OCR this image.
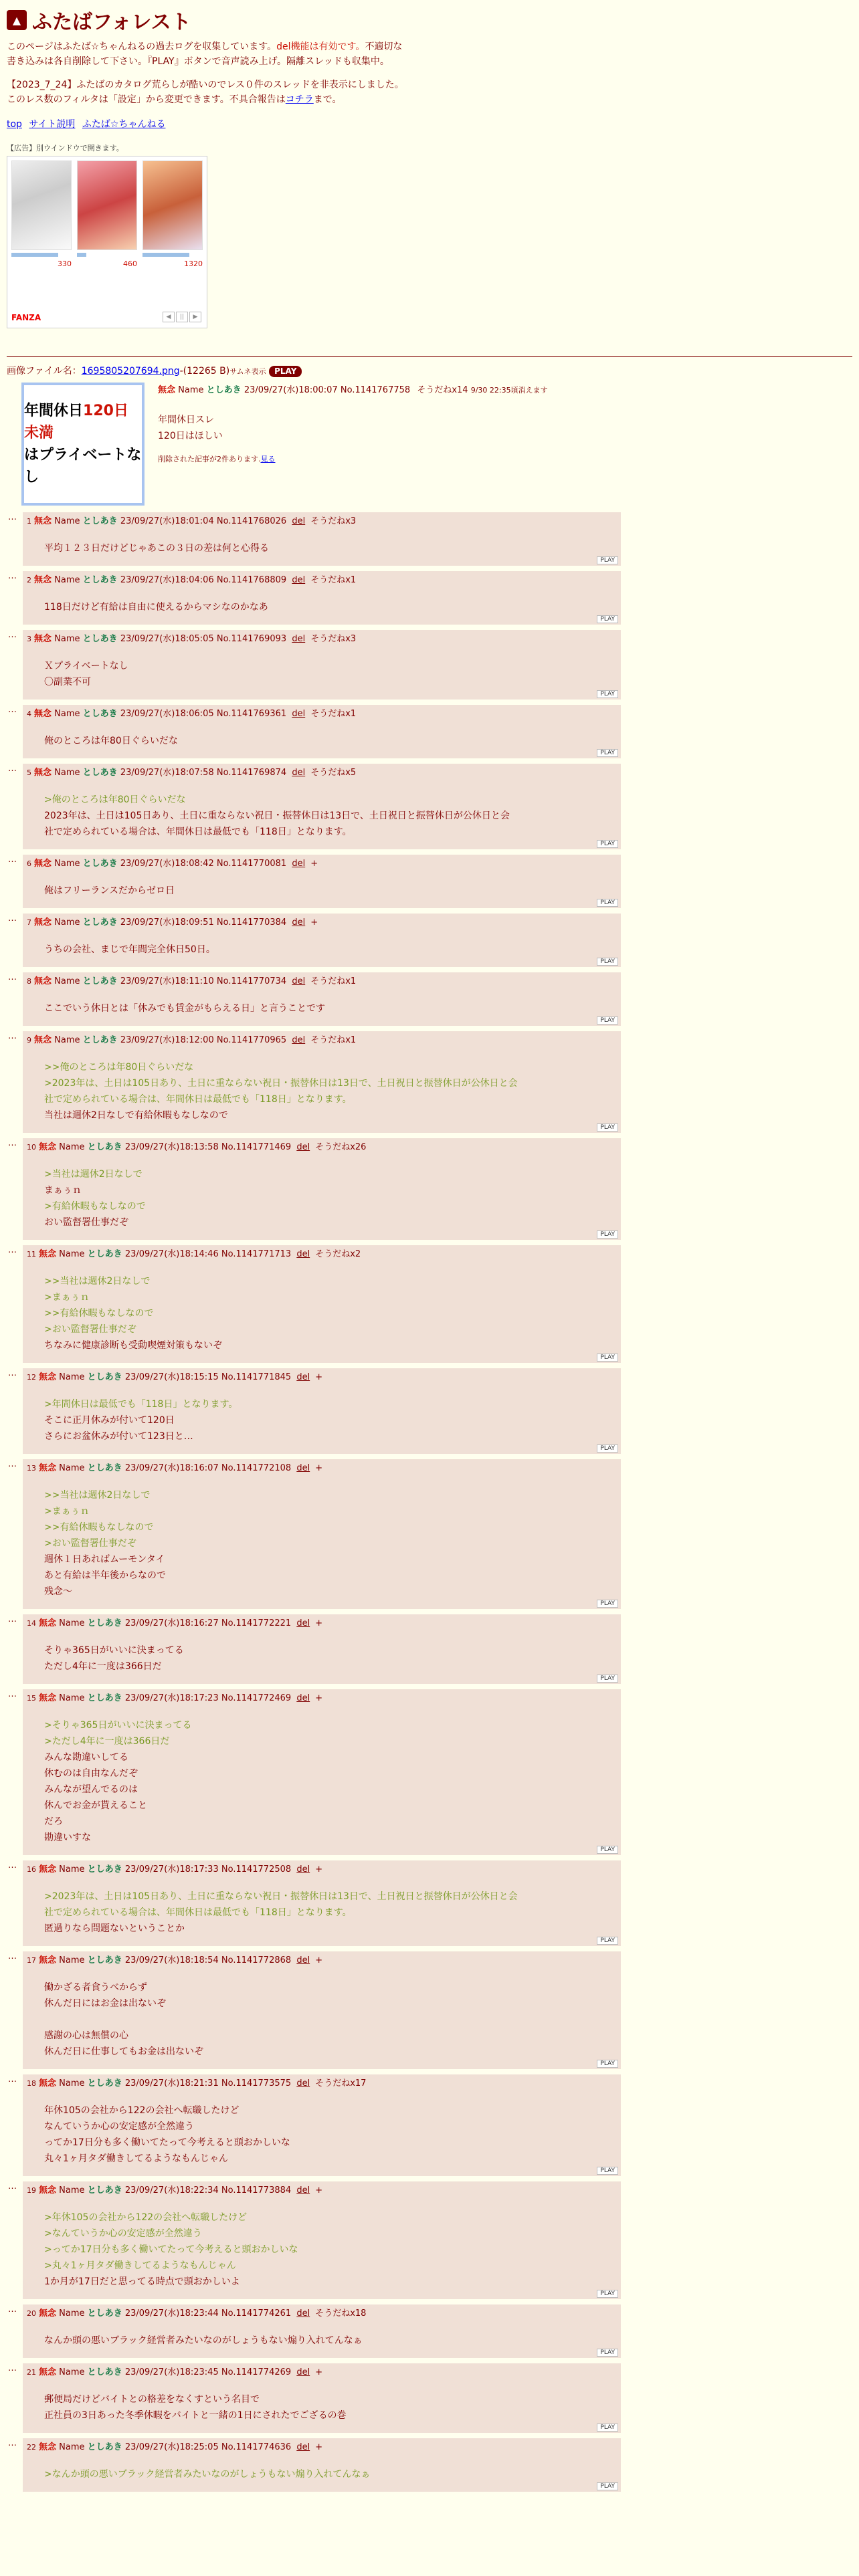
▲ ふたばフォレスト

このページはふたば☆ちゃんねるの過去ログを収集しています。del機能は有効です。不適切な書き込みは各自削除して下さい。『PLAY』ボタンで音声読み上げ。隔離スレッドも収集中。

【2023_7_24】ふたばのカタログ荒らしが酷いのでレス０件のスレッドを非表示にしました。このレス数のフィルタは「設定」から変更できます。不具合報告はコチラまで。

top サイト説明 ふたば☆ちゃんねる
【広告】別ウインドウで開きます。
330	460	1320
FANZA	◀	||	▶
画像ファイル名：1695805207694.png-(12265 B)サムネ表示 PLAY
年間休日120日未満
はプライベートなし
無念 Name としあき 23/09/27(水)18:00:07 No.1141767758 そうだねx14 9/30 22:35頃消えます
年間休日スレ
120日はほしい
削除された記事が2件あります.見る
…	1 無念 Name としあき 23/09/27(水)18:01:04 No.1141768026 del そうだねx3
平均１２３日だけどじゃあこの３日の差は何と心得る
PLAY
…	2 無念 Name としあき 23/09/27(水)18:04:06 No.1141768809 del そうだねx1
118日だけど有給は自由に使えるからマシなのかなあ
PLAY
…	3 無念 Name としあき 23/09/27(水)18:05:05 No.1141769093 del そうだねx3
Ｘプライベートなし
〇副業不可
PLAY
…	4 無念 Name としあき 23/09/27(水)18:06:05 No.1141769361 del そうだねx1
俺のところは年80日ぐらいだな
PLAY
…	5 無念 Name としあき 23/09/27(水)18:07:58 No.1141769874 del そうだねx5
>俺のところは年80日ぐらいだな
2023年は、土日は105日あり、土日に重ならない祝日・振替休日は13日で、土日祝日と振替休日が公休日と会
社で定められている場合は、年間休日は最低でも「118日」となります。
PLAY
…	6 無念 Name としあき 23/09/27(水)18:08:42 No.1141770081 del +
俺はフリーランスだからゼロ日
PLAY
…	7 無念 Name としあき 23/09/27(水)18:09:51 No.1141770384 del +
うちの会社、まじで年間完全休日50日。
PLAY
…	8 無念 Name としあき 23/09/27(水)18:11:10 No.1141770734 del そうだねx1
ここでいう休日とは「休みでも賃金がもらえる日」と言うことです
PLAY
…	9 無念 Name としあき 23/09/27(水)18:12:00 No.1141770965 del そうだねx1
>>俺のところは年80日ぐらいだな
>2023年は、土日は105日あり、土日に重ならない祝日・振替休日は13日で、土日祝日と振替休日が公休日と会
社で定められている場合は、年間休日は最低でも「118日」となります。
当社は週休2日なしで有給休暇もなしなので
PLAY
…	10 無念 Name としあき 23/09/27(水)18:13:58 No.1141771469 del そうだねx26
>当社は週休2日なしで
まぁぅｎ
>有給休暇もなしなので
おい監督署仕事だぞ
PLAY
…	11 無念 Name としあき 23/09/27(水)18:14:46 No.1141771713 del そうだねx2
>>当社は週休2日なしで
>まぁぅｎ
>>有給休暇もなしなので
>おい監督署仕事だぞ
ちなみに健康診断も受動喫煙対策もないぞ
PLAY
…	12 無念 Name としあき 23/09/27(水)18:15:15 No.1141771845 del +
>年間休日は最低でも「118日」となります。
そこに正月休みが付いて120日
さらにお盆休みが付いて123日と…
PLAY
…	13 無念 Name としあき 23/09/27(水)18:16:07 No.1141772108 del +
>>当社は週休2日なしで
>まぁぅｎ
>>有給休暇もなしなので
>おい監督署仕事だぞ
週休１日あればムーモンタイ
あと有給は半年後からなので
残念〜
PLAY
…	14 無念 Name としあき 23/09/27(水)18:16:27 No.1141772221 del +
そりゃ365日がいいに決まってる
ただし4年に一度は366日だ
PLAY
…	15 無念 Name としあき 23/09/27(水)18:17:23 No.1141772469 del +
>そりゃ365日がいいに決まってる
>ただし4年に一度は366日だ
みんな勘違いしてる
休むのは自由なんだぞ
みんなが望んでるのは
休んでお金が貰えること
だろ
勘違いすな
PLAY
…	16 無念 Name としあき 23/09/27(水)18:17:33 No.1141772508 del +
>2023年は、土日は105日あり、土日に重ならない祝日・振替休日は13日で、土日祝日と振替休日が公休日と会
社で定められている場合は、年間休日は最低でも「118日」となります。
匿過りなら問題ないということか
PLAY
…	17 無念 Name としあき 23/09/27(水)18:18:54 No.1141772868 del +
働かざる者食うべからず
休んだ日にはお金は出ないぞ
感謝の心は無償の心
休んだ日に仕事してもお金は出ないぞ
PLAY
…	18 無念 Name としあき 23/09/27(水)18:21:31 No.1141773575 del そうだねx17
年休105の会社から122の会社へ転職したけど
なんていうか心の安定感が全然違う
ってか17日分も多く働いてたって今考えると頭おかしいな
丸々1ヶ月タダ働きしてるようなもんじゃん
PLAY
…	19 無念 Name としあき 23/09/27(水)18:22:34 No.1141773884 del +
>年休105の会社から122の会社へ転職したけど
>なんていうか心の安定感が全然違う
>ってか17日分も多く働いてたって今考えると頭おかしいな
>丸々1ヶ月タダ働きしてるようなもんじゃん
1か月が17日だと思ってる時点で頭おかしいよ
PLAY
…	20 無念 Name としあき 23/09/27(水)18:23:44 No.1141774261 del そうだねx18
なんか頭の悪いブラック経営者みたいなのがしょうもない煽り入れてんなぁ
PLAY
…	21 無念 Name としあき 23/09/27(水)18:23:45 No.1141774269 del +
郵便局だけどバイトとの格差をなくすという名目で
正社員の3日あった冬季休暇をバイトと一緒の1日にされたでござるの巻
PLAY
…	22 無念 Name としあき 23/09/27(水)18:25:05 No.1141774636 del +
>なんか頭の悪いブラック経営者みたいなのがしょうもない煽り入れてんなぁ
PLAY
